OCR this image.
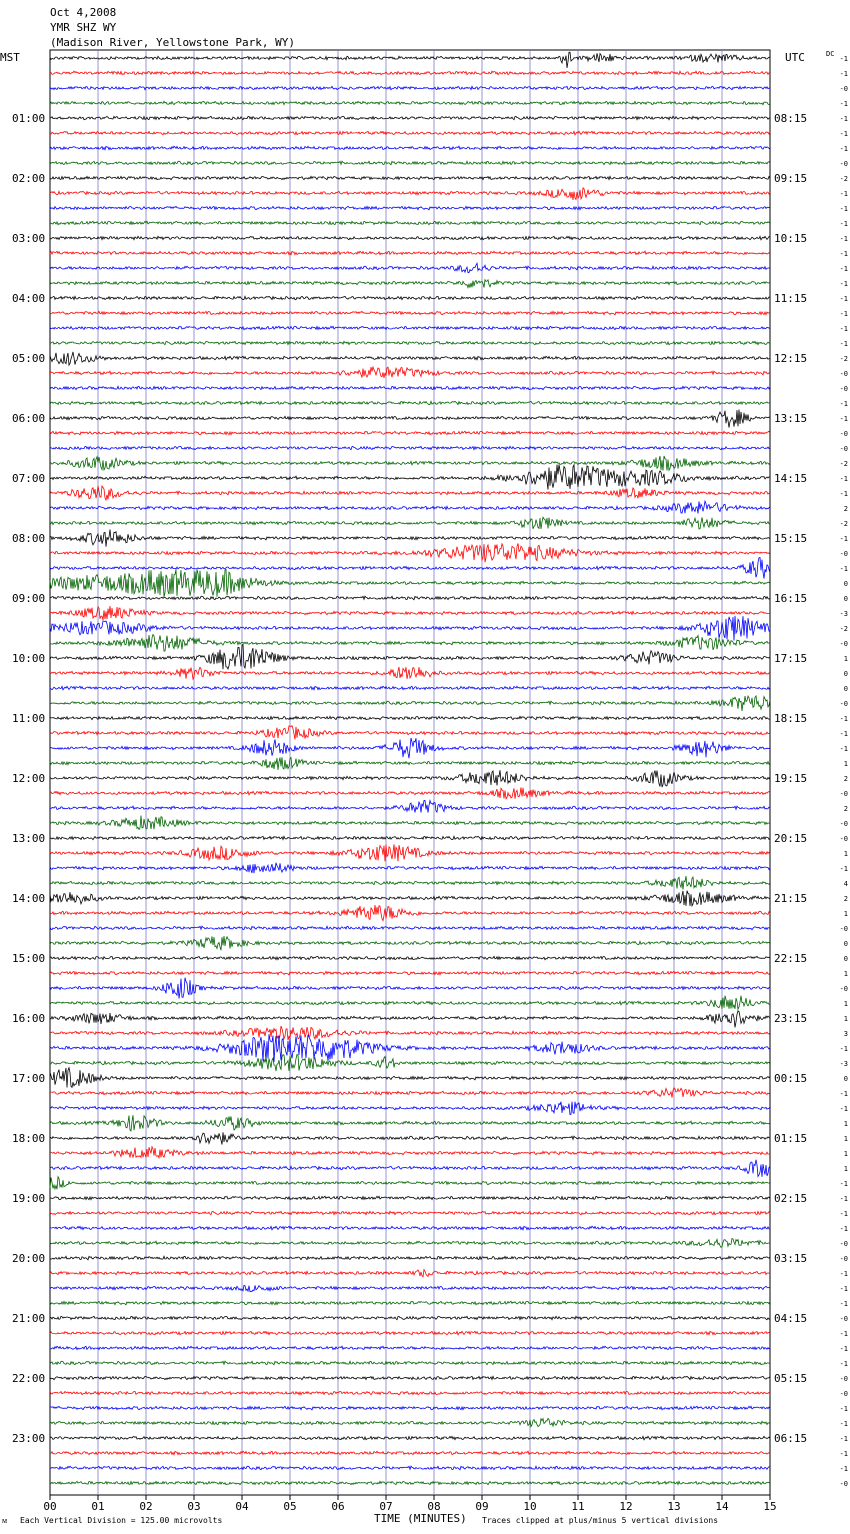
Oct 4,2008
YMR SHZ WY
(Madison River, Yellowstone Park, WY)
MST	UTC	DC
01:00
02:00
03:00
04:00
05:00
06:00
07:00
08:00
09:00
10:00
11:00
12:00
13:00
14:00
15:00
16:00
17:00
18:00
19:00
20:00
21:00
22:00
23:00
08:15
09:15
10:15
11:15
12:15
13:15
14:15
15:15
16:15
17:15
18:15
19:15
20:15
21:15
22:15
23:15
00:15
01:15
02:15
03:15
04:15
05:15
06:15
-1
-1
-0
-1
-1
-1
-1
-0
-2
-1
-1
-1
-1
-1
-1
-1
-1
-1
-1
-1
-2
-0
-0
-1
-1
-0
-0
-2
-1
-1
2
-2
-1
-0
-1
0
0
-3
-2
-0
1
0
0
-0
-1
-1
-1
1
2
-0
2
-0
-0
1
-1
4
2
1
-0
0
0
1
-0
1
1
3
-1
-3
0
-1
-1
1
1
1
1
-1
-1
-1
-1
-0
-0
-1
-1
-1
-0
-1
-1
-1
-0
-0
-1
-1
-1
-1
-1
-0
00	01	02	03	04	05	06	07	08	09	10	11	12	13	14	15
ᴍ Each Vertical Division = 125.00 microvolts	TIME (MINUTES) Traces clipped at plus/minus 5 vertical divisions
